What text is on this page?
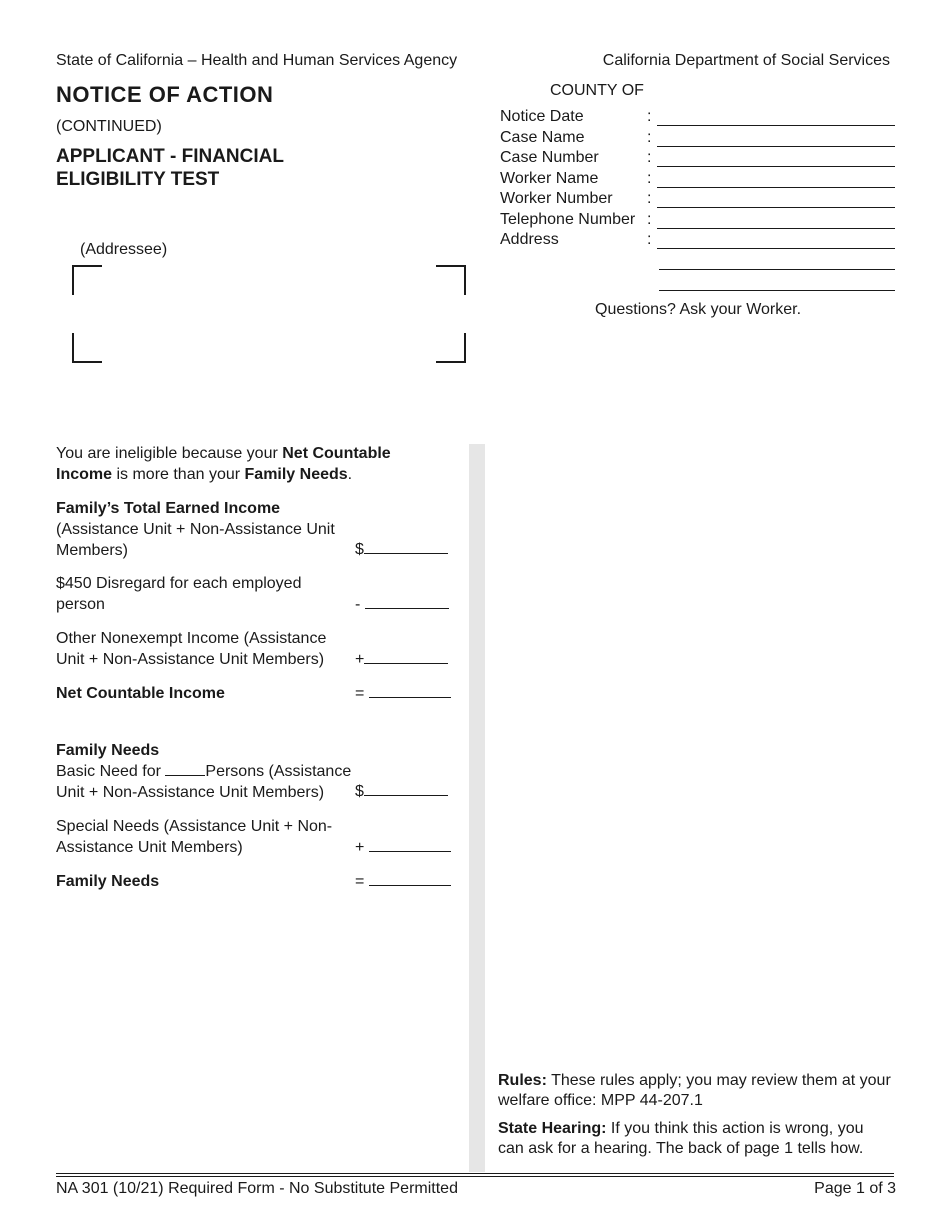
State of California – Health and Human Services Agency	California Department of Social Services
NOTICE OF ACTION
(CONTINUED)
APPLICANT - FINANCIAL ELIGIBILITY TEST
(Addressee)
COUNTY OF
Notice Date	:
Case Name	:
Case Number	:
Worker Name	:
Worker Number :
Telephone Number :
Address	:
Questions? Ask your Worker.
You are ineligible because your Net Countable Income is more than your Family Needs.
Family’s Total Earned Income
(Assistance Unit + Non-Assistance Unit Members)	$
$450 Disregard for each employed person	-
Other Nonexempt Income (Assistance Unit + Non-Assistance Unit Members)	+
Net Countable Income	=
Family Needs
Basic Need for	Persons (Assistance Unit + Non-Assistance Unit Members)	$
Special Needs (Assistance Unit + Non-Assistance Unit Members)	+
Family Needs	=
Rules: These rules apply; you may review them at your welfare office: MPP 44-207.1
State Hearing: If you think this action is wrong, you can ask for a hearing. The back of page 1 tells how.
NA 301 (10/21) Required Form - No Substitute Permitted	Page 1 of 3
